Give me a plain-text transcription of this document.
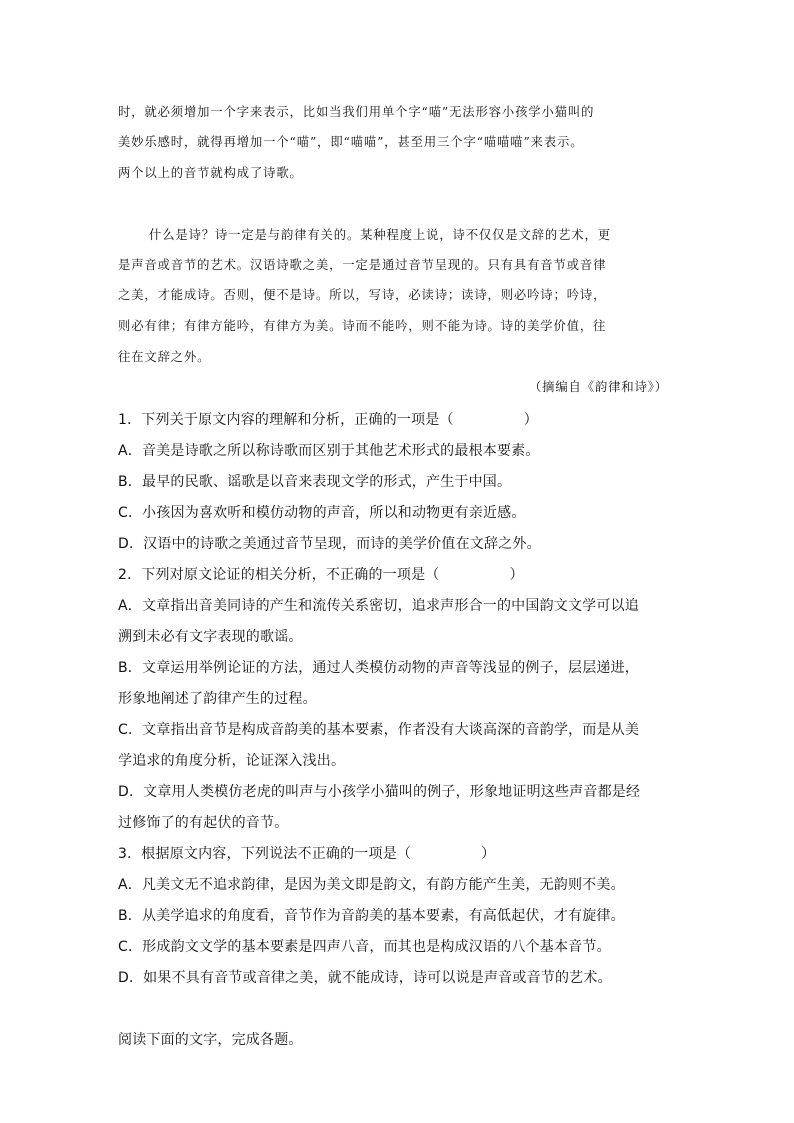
时，就必须增加一个字来表示，比如当我们用单个字“喵”无法形容小孩学小猫叫的
美妙乐感时，就得再增加一个“喵”，即“喵喵”，甚至用三个字“喵喵喵”来表示。
两个以上的音节就构成了诗歌。
什么是诗？诗一定是与韵律有关的。某种程度上说，诗不仅仅是文辞的艺术，更
是声音或音节的艺术。汉语诗歌之美，一定是通过音节呈现的。只有具有音节或音律
之美，才能成诗。否则，便不是诗。所以，写诗，必读诗；读诗，则必吟诗；吟诗，
则必有律；有律方能吟，有律方为美。诗而不能吟，则不能为诗。诗的美学价值，往
往在文辞之外。
（摘编自《韵律和诗》）
1．下列关于原文内容的理解和分析，正确的一项是（	）
A．音美是诗歌之所以称诗歌而区别于其他艺术形式的最根本要素。
B．最早的民歌、谣歌是以音来表现文学的形式，产生于中国。
C．小孩因为喜欢听和模仿动物的声音，所以和动物更有亲近感。
D．汉语中的诗歌之美通过音节呈现，而诗的美学价值在文辞之外。
2．下列对原文论证的相关分析，不正确的一项是（	）
A．文章指出音美同诗的产生和流传关系密切，追求声形合一的中国韵文文学可以追
溯到未必有文字表现的歌谣。
B．文章运用举例论证的方法，通过人类模仿动物的声音等浅显的例子，层层递进，
形象地阐述了韵律产生的过程。
C．文章指出音节是构成音韵美的基本要素，作者没有大谈高深的音韵学，而是从美
学追求的角度分析，论证深入浅出。
D．文章用人类模仿老虎的叫声与小孩学小猫叫的例子，形象地证明这些声音都是经
过修饰了的有起伏的音节。
3．根据原文内容，下列说法不正确的一项是（	）
A．凡美文无不追求韵律，是因为美文即是韵文，有韵方能产生美，无韵则不美。
B．从美学追求的角度看，音节作为音韵美的基本要素，有高低起伏，才有旋律。
C．形成韵文文学的基本要素是四声八音，而其也是构成汉语的八个基本音节。
D．如果不具有音节或音律之美，就不能成诗，诗可以说是声音或音节的艺术。
阅读下面的文字，完成各题。
